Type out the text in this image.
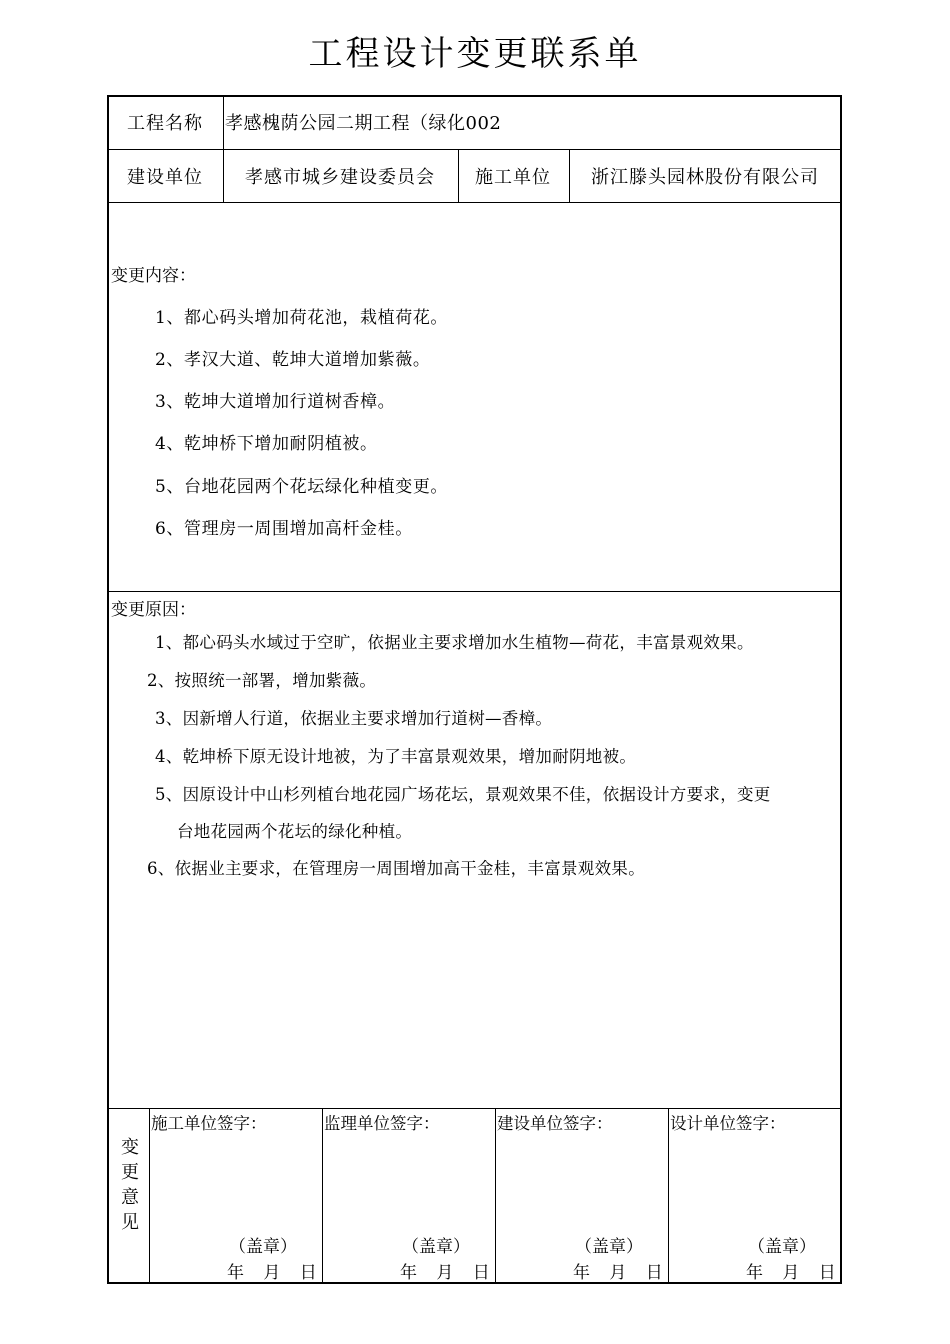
工程设计变更联系单
工程名称 孝感槐荫公园二期工程（绿化002
建设单位 孝感市城乡建设委员会 施工单位 浙江滕头园林股份有限公司
变更内容：
1、都心码头增加荷花池，栽植荷花。
2、孝汉大道、乾坤大道增加紫薇。
3、乾坤大道增加行道树香樟。
4、乾坤桥下增加耐阴植被。
5、台地花园两个花坛绿化种植变更。
6、管理房一周围增加高杆金桂。
变更原因：
1、都心码头水域过于空旷，依据业主要求增加水生植物—荷花，丰富景观效果。
2、按照统一部署，增加紫薇。
3、因新增人行道，依据业主要求增加行道树—香樟。
4、乾坤桥下原无设计地被，为了丰富景观效果，增加耐阴地被。
5、因原设计中山杉列植台地花园广场花坛，景观效果不佳，依据设计方要求，变更
台地花园两个花坛的绿化种植。
6、依据业主要求，在管理房一周围增加高干金桂，丰富景观效果。
变更意见
施工单位签字：
（盖章）
年 月 日
监理单位签字：
（盖章）
年 月 日
建设单位签字：
（盖章）
年 月 日
设计单位签字：
（盖章）
年 月 日
